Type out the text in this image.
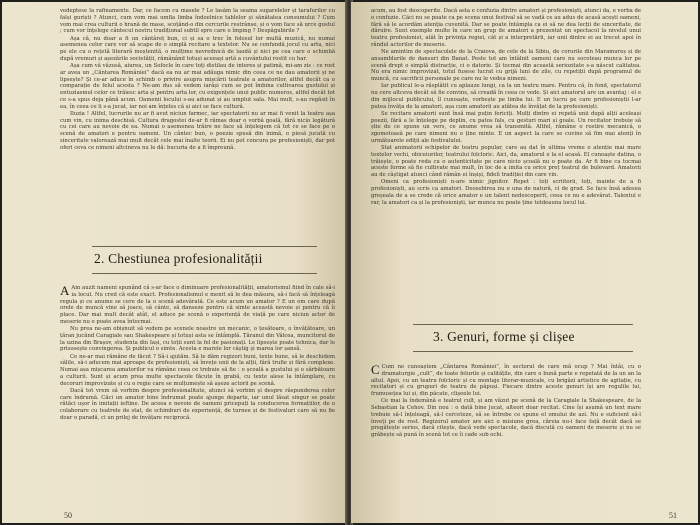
vedeptese la rafinamente. Dar, ce facem cu masele ? Le lasăm la seama sugarelelor și tarafurilor cu falși guriști ? Atunci, cum vom mai umfla limba îndoelnice tablelor și sănătatea consumului ? Cum vom mai crea culturii o hrană de mase, scoțând-o din cercurile restrânse, și o vom face să urce gustul ; cum vor înțelege cântecul nostru tradițional subtil spre care o împing ? Despăgubirile ?

Așa că, nu doar a fi un cântăreț bun, ci și sa o trec în folosul lor multă muzică, nu numai asemenea celor care vor să scape de o simplă recitare a textelor. Nu se confundă jocul cu arta, nici pe ele cu o rețetă literară moștenită, o mulțime nevrednică de laudă și nici pe cea care o schimbă după vremuri și așezările societății, rămânând totuși aceeași artă a cuvântului rostit cu har.

Așa cum vă văzusă, aiurea, un Sofocle în care toți distilau de interes și patimă, mi-am zis : ce rost ar avea un „Cântarea României” dacă ea nu ar mai adăuga nimic din ceea ce ne dau amatorii și ne lipsește? Și ce-ar aduce în schimb o privire asupra mișcării teatrale a amatorilor, altfel decât ca o comparație de felul acesta ? Ne-am dus să vedem iarăși cum se pot îmbina cultivarea gustului și entuziasmul celor ce trăiesc arta și pentru arta lor, cu exigențele unui public numeros, altfel decât tot ce s-a spus deja până acum. Oamenii locului s-au adunat și au umplut sala. Mai mult, s-au regăsit în ea, în ceea ce li s-a jucat, iar noi am înțeles că și aici se face cultură.

Iluzia ! Altfel, lucrurile nu ar fi avut niciun farmec, iar spectatorii nu ar mai fi venit la teatru așa cum vin, cu inima deschisă. Cultura dragostei de-ar fi rămas doar o vorbă goală, fără nicio legătură cu cei care au nevoie de ea. Numai o asemenea trăire ne face să înțelegem că tot ce se face pe o scenă de amatori e pentru oameni. Un cântec bun, o poezie spusă din inimă, o piesă jucată cu sinceritate valorează mai mult decât cele mai înalte teorii. Ei nu pot concura pe profesioniști, dar pot oferi ceva ce nimeni altcineva nu le dă: bucuria de a fi împreună.

2. Chestiunea profesionalității

A Am auzit nameni spunând că s-ar face o diminuare profesionalității, amatorismul fiind în cale să-i ia locul. Nu cred că este exact. Profesionalismul e menit să le dea măsura, să-i facă să înțeleagă regula și ce anume se cere de la o scenă adevărată. Ce este acum un amator ? E un om care după orele de muncă vine să joace, să cânte, să danseze pentru că simte această nevoie și pentru că îi place. Dar mai mult decât atât, el aduce pe scenă o experiență de viață pe care niciun actor de meserie nu o poate avea întocmai.

Nu prea ne-am obișnuit să vedem pe scenele noastre un mecanic, o țesătoare, o învățătoare, un țăran jucând Caragiale sau Shakespeare și totuși asta se întâmplă. Țăranul din Vâlcea, muncitorul de la uzina din Brașov, studenta din Iași, cu toții sunt la fel de pasionați. Le lipsește poate tehnica, dar le prisosește convingerea. Și publicul o simte. Acesta e marele lor câștig și marea lor șansă.

Ce ne-ar mai rămâne de făcut ? Să-i ajutăm. Să le dăm regizori buni, texte bune, să le deschidem sălile, să-i aducem mai aproape de profesioniști, să învețe unii de la alții, fără trufie și fără complexe. Numai așa mișcarea amatorilor va rămâne ceea ce trebuie să fie : o școală a gustului și o sărbătoare a culturii. Sunt și acum prea multe spectacole făcute în grabă, cu texte alese la întâmplare, cu decoruri improvizate și cu o regie care se mulțumește să așeze actorii pe scenă.

Dacă tot vrem să vorbim despre profesionalitate, atunci să vorbim și despre răspunderea celor care îndrumă. Căci un amator bine îndrumat poate ajunge departe, iar unul lăsat singur se poate rătăci ușor în imitații ieftine. De aceea e nevoie de oameni pricepuți la conducerea formațiilor, de o colaborare cu teatrele de stat, de schimburi de experiență, de turnee și de festivaluri care să nu fie doar o paradă, ci un prilej de învățare reciprocă.

50

acum, au fost descoperite. Dacă asta e confuzia dintre amatori și profesioniști, atunci da, e vorba de o confuzie. Căci nu se poate ca pe scena unui festival să se vadă ce au adus de acasă acești oameni, fără să le acordăm atenția cuvenită. Dar se poate întâmpla ca ei să ne dea lecții de sinceritate, de dăruire. Sunt exemple multe în care un grup de amatori a prezentat un spectacol la nivelul unui teatru profesionist, atât în privința regiei, cât și a interpretării, iar unii dintre ei au trecut apoi în rândul actorilor de meserie.

Ne amintim de spectacolele de la Craiova, de cele de la Sibiu, de corurile din Maramureș și de ansamblurile de dansuri din Banat. Peste tot am întâlnit oameni care nu socoteau munca lor pe scenă drept o simplă distracție, ci o datorie. Și tocmai din această seriozitate s-a născut calitatea. Nu era nimic improvizat, totul fusese lucrat cu grijă luni de zile, cu repetiții după programul de muncă, cu sacrificii personale pe care nu le vedea nimeni.

Iar publicul le-a răsplătit cu aplauze lungi, ca la un teatru mare. Pentru că, în fond, spectatorul nu cere altceva decât să fie convins, să creadă în ceea ce vede. Și aici amatorul are un avantaj : el e din mijlocul publicului, îl cunoaște, vorbește pe limba lui. E un lucru pe care profesioniștii l-ar putea învăța de la amatori, așa cum amatorii au atâtea de învățat de la profesioniști.

Se recitare amatorii sunt însă mai puțin fericiți. Mulți dintre ei repetă unii după alții aceleași poezii, fără a le înțelege pe deplin, cu patos fals, cu gesturi mari și goale. Un recitator trebuie să știe de ce spune un vers, ce anume vrea să transmită. Altfel, rămâne o rostire mecanică, o zgomotoasă pe care nimeni nu o ține minte. E un aspect la care se cuvine să fim mai atenți în următoarele ediții ale festivalului.

Stat animatorii echipelor de teatru popular, care au dat în ultima vreme o atenție mai mare textelor vechi, obiceiurilor, teatrului folcloric. Aici, da, amatorul e la el acasă. El cunoaște datina, o trăiește, o poate reda cu o autenticitate pe care nicio școală nu o poate da. Ar fi bine ca tocmai aceste forme să fie cultivate mai mult, în loc de a imita cu orice preț teatrul de bulevard. Amatorii au de câștigat atunci când rămân ei înșiși, fideli tradiției din care vin.

Omeni ca profesioniști n-are nimic jignitor. Repet : toți scriitorii, toți, inainte de a fi profesioniști, au scris ca amatori. Deosebirea nu e una de natură, ci de grad. Se face însă adesea greșeala de a se crede că orice amator e un talent nedescoperit, ceea ce nu e adevărat. Talentul e rar, la amatori ca și la profesioniști, iar munca nu poate ține totdeauna locul lui.

3. Genuri, forme și clișee

C Cum ne cunoaștem „Cântarea României”, în sectorul de care mă ocup ? Mai întâi, cu o dramaturgie „cult”, de toate felurile și calitățile, din care o bună parte e repetată de la un an la altul. Apoi, cu un teatru folcloric și cu montaje literar-muzicale, cu brigăzi artistice de agitație, cu recitatori și cu grupuri de teatru de păpuși. Fiecare dintre aceste genuri își are regulile lui, frumusețea lui și, din păcate, clișeele lui.

Ce mai la îndemână e teatrul cult, și am văzut pe scenă de la Caragiale la Shakespeare, de la Sebastian la Cehov. Din nou : o dată bine jucat, alteori doar recitat. Cine își asumă un text mare trebuie să-l înțeleagă, să-l cerceteze, să se întrebe ce spune el omului de azi. Nu e suficient să-l înveți pe de rost. Regizorul amator are aici o misiune grea, căreia nu-i face față decât dacă se pregătește serios, dacă citește, dacă vede spectacole, dacă discută cu oameni de meserie și nu se grăbește să pună în scenă tot ce îi cade sub ochi.

51
